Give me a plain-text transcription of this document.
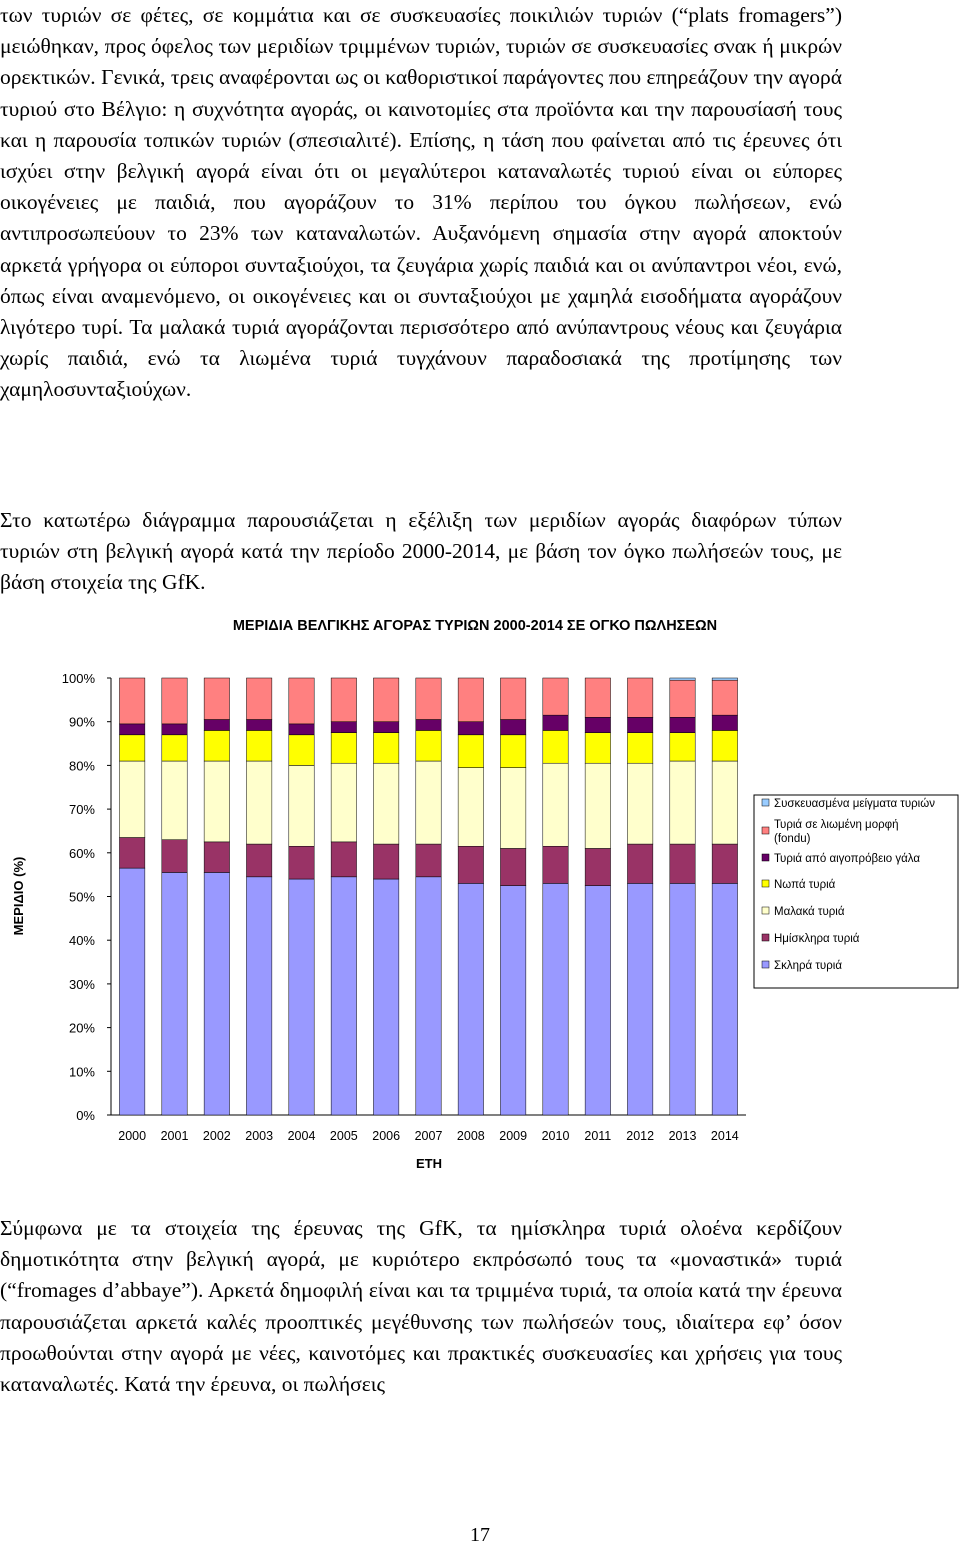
των τυριών σε φέτες, σε κομμάτια και σε συσκευασίες ποικιλιών τυριών (“plats fromagers”) μειώθηκαν, προς όφελος των μεριδίων τριμμένων τυριών, τυριών σε συσκευασίες σνακ ή μικρών ορεκτικών. Γενικά, τρεις αναφέρονται ως οι καθοριστικοί παράγοντες που επηρεάζουν την αγορά τυριού στο Βέλγιο: η συχνότητα αγοράς, οι καινοτομίες στα προϊόντα και την παρουσίασή τους και η παρουσία τοπικών τυριών (σπεσιαλιτέ). Επίσης, η τάση που φαίνεται από τις έρευνες ότι ισχύει στην βελγική αγορά είναι ότι οι μεγαλύτεροι καταναλωτές τυριού είναι οι εύπορες οικογένειες με παιδιά, που αγοράζουν το 31% περίπου του όγκου πωλήσεων, ενώ αντιπροσωπεύουν το 23% των καταναλωτών. Αυξανόμενη σημασία στην αγορά αποκτούν αρκετά γρήγορα οι εύποροι συνταξιούχοι, τα ζευγάρια χωρίς παιδιά και οι ανύπαντροι νέοι, ενώ, όπως είναι αναμενόμενο, οι οικογένειες και οι συνταξιούχοι με χαμηλά εισοδήματα αγοράζουν λιγότερο τυρί. Τα μαλακά τυριά αγοράζονται περισσότερο από ανύπαντρους νέους και ζευγάρια χωρίς παιδιά, ενώ τα λιωμένα τυριά τυγχάνουν παραδοσιακά της προτίμησης των χαμηλοσυνταξιούχων.

Στο κατωτέρω διάγραμμα παρουσιάζεται η εξέλιξη των μεριδίων αγοράς διαφόρων τύπων τυριών στη βελγική αγορά κατά την περίοδο 2000-2014, με βάση τον όγκο πωλήσεών τους, με βάση στοιχεία της GfK.

ΜΕΡΙΔΙΑ ΒΕΛΓΙΚΗΣ ΑΓΟΡΑΣ ΤΥΡΙΩΝ 2000-2014 ΣΕ ΟΓΚΟ ΠΩΛΗΣΕΩΝ
0%
10%
20%
30%
40%
50%
60%
70%
80%
90%
100%
ΜΕΡΙΔΙΟ (%)
2000 2001 2002 2003 2004 2005 2006 2007 2008 2009 2010 2011 2012 2013 2014
ΕΤΗ
Συσκευασμένα μείγματα τυριών
Τυριά σε λιωμένη μορφή (fondu)
Τυριά από αιγοπρόβειο γάλα
Νωπά τυριά
Μαλακά τυριά
Ημίσκληρα τυριά
Σκληρά τυριά

Σύμφωνα με τα στοιχεία της έρευνας της GfK, τα ημίσκληρα τυριά ολοένα κερδίζουν δημοτικότητα στην βελγική αγορά, με κυριότερο εκπρόσωπό τους τα «μοναστικά» τυριά (“fromages d’abbaye”). Αρκετά δημοφιλή είναι και τα τριμμένα τυριά, τα οποία κατά την έρευνα παρουσιάζεται αρκετά καλές προοπτικές μεγέθυνσης των πωλήσεών τους, ιδιαίτερα εφ’ όσον προωθούνται στην αγορά με νέες, καινοτόμες και πρακτικές συσκευασίες και χρήσεις για τους καταναλωτές. Κατά την έρευνα, οι πωλήσεις

17
